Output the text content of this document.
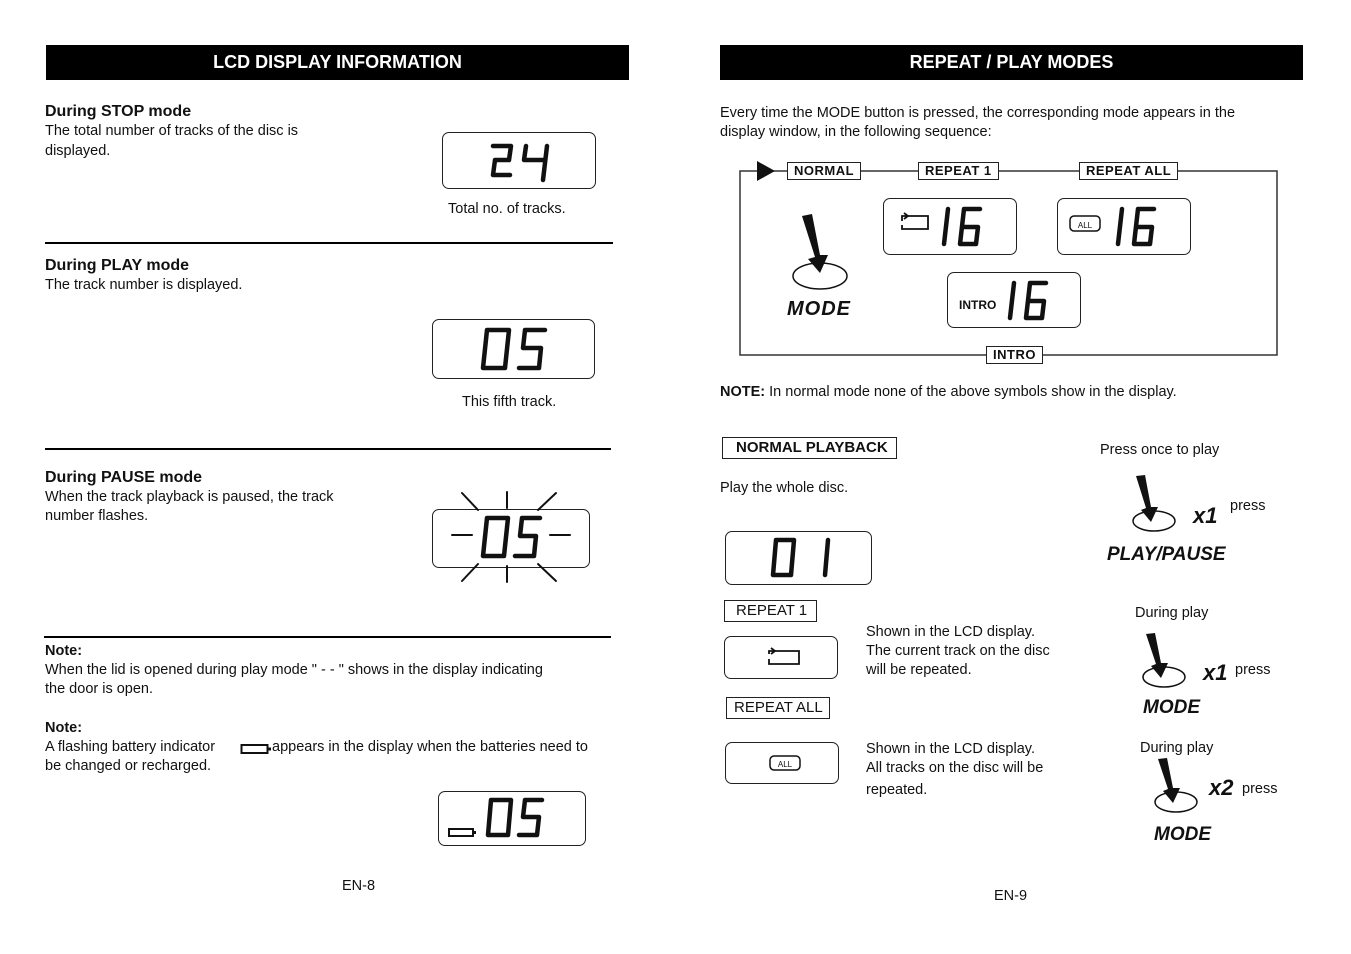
LCD DISPLAY INFORMATION
During STOP mode
The total number of tracks of the disc is
displayed.
Total no. of tracks.
During PLAY mode
The track number is displayed.
This fifth track.
During PAUSE mode
When the track playback is paused, the track
number flashes.
Note:
When the lid is opened during play mode " - - " shows in the display indicating
the door is open.
Note:
A flashing battery indicator	appears in the display when the batteries need to
be changed or recharged.
EN-8
REPEAT / PLAY MODES
Every time the MODE button is pressed, the corresponding mode appears in the
display window, in the following sequence:
NORMAL	REPEAT 1	REPEAT ALL
INTRO
MODE
ALL
INTRO
NOTE: In normal mode none of the above symbols show in the display.
NORMAL PLAYBACK
Play the whole disc.
Press once to play
x1 press
PLAY/PAUSE
REPEAT 1
Shown in the LCD display.
The current track on the disc
will be repeated.
During play
x1 press
MODE
REPEAT ALL
ALL
Shown in the LCD display.
All tracks on the disc will be
repeated.
During play
x2 press
MODE
EN-9
